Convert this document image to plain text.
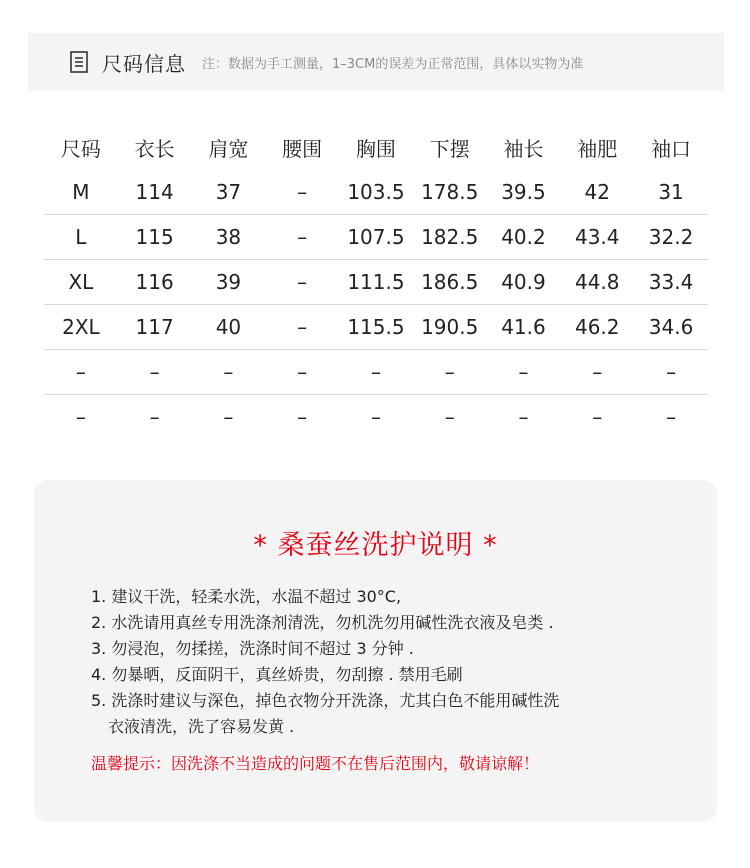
尺码信息 注：数据为手工测量，1–3CM的误差为正常范围，具体以实物为准
尺码	衣长	肩宽	腰围	胸围	下摆	袖长	袖肥	袖口
M	114	37	–	103.5	178.5	39.5	42	31
L	115	38	–	107.5	182.5	40.2	43.4	32.2
XL	116	39	–	111.5	186.5	40.9	44.8	33.4
2XL	117	40	–	115.5	190.5	41.6	46.2	34.6
–	–	–	–	–	–	–	–	–
–	–	–	–	–	–	–	–	–
* 桑蚕丝洗护说明 *
1. 建议干洗，轻柔水洗，水温不超过 30°C,
2. 水洗请用真丝专用洗涤剂清洗，勿机洗勿用碱性洗衣液及皂类 .
3. 勿浸泡，勿揉搓，洗涤时间不超过 3 分钟 .
4. 勿暴晒，反面阴干，真丝娇贵，勿刮擦 . 禁用毛刷
5. 洗涤时建议与深色，掉色衣物分开洗涤，尤其白色不能用碱性洗
衣液清洗，洗了容易发黄 .
温馨提示：因洗涤不当造成的问题不在售后范围内，敬请谅解！
